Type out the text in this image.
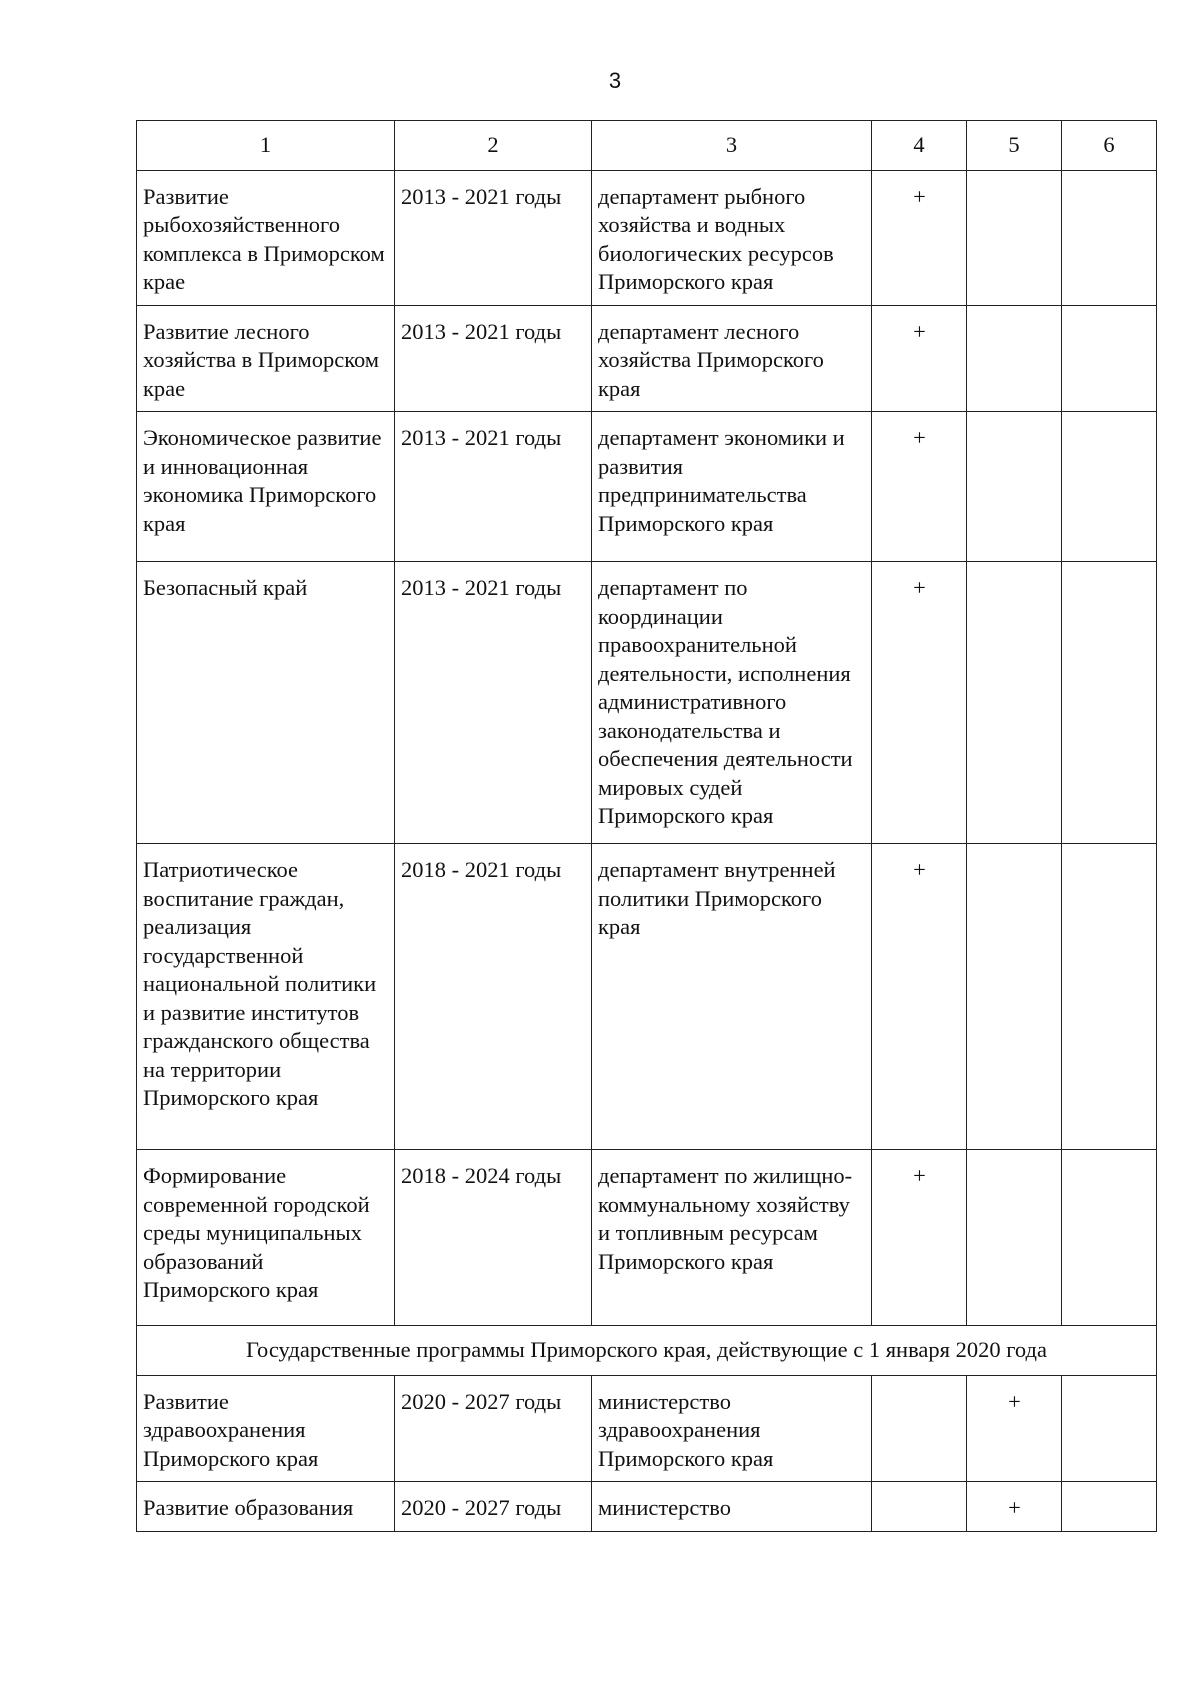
3
1	2	3	4	5	6
Развитие рыбохозяйственного комплекса в Приморском крае	2013 - 2021 годы	департамент рыбного хозяйства и водных биологических ресурсов Приморского края	+		
Развитие лесного хозяйства в Приморском крае	2013 - 2021 годы	департамент лесного хозяйства Приморского края	+		
Экономическое развитие и инновационная экономика Приморского края	2013 - 2021 годы	департамент экономики и развития предпринимательства Приморского края	+		
Безопасный край	2013 - 2021 годы	департамент по координации правоохранительной деятельности, исполнения административного законодательства и обеспечения деятельности мировых судей Приморского края	+		
Патриотическое воспитание граждан, реализация государственной национальной политики и развитие институтов гражданского общества на территории Приморского края	2018 - 2021 годы	департамент внутренней политики Приморского края	+		
Формирование современной городской среды муниципальных образований Приморского края	2018 - 2024 годы	департамент по жилищно-коммунальному хозяйству и топливным ресурсам Приморского края	+		
Государственные программы Приморского края, действующие с 1 января 2020 года					
Развитие здравоохранения Приморского края	2020 - 2027 годы	министерство здравоохранения Приморского края		+	
Развитие образования	2020 - 2027 годы	министерство		+	
